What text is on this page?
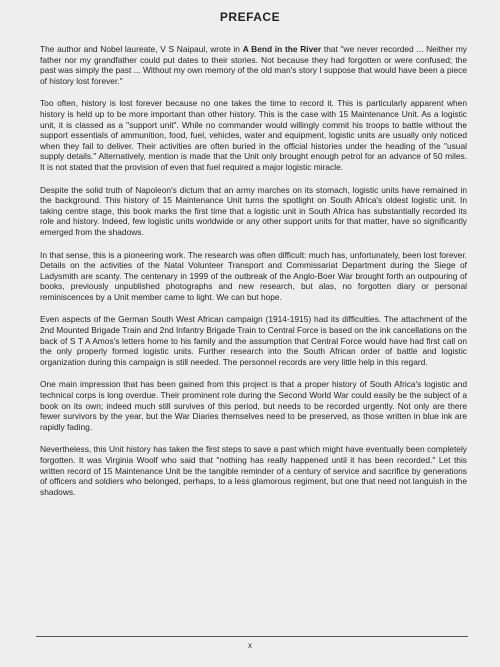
PREFACE

The author and Nobel laureate, V S Naipaul, wrote in A Bend in the River that "we never recorded ... Neither my father nor my grandfather could put dates to their stories. Not because they had forgotten or were confused; the past was simply the past ... Without my own memory of the old man's story I suppose that would have been a piece of history lost forever."

Too often, history is lost forever because no one takes the time to record it. This is particularly apparent when history is held up to be more important than other history. This is the case with 15 Maintenance Unit. As a logistic unit, it is classed as a "support unit". While no commander would willingly commit his troops to battle without the support essentials of ammunition, food, fuel, vehicles, water and equipment, logistic units are usually only noticed when they fail to deliver. Their activities are often buried in the official histories under the heading of the "usual supply details." Alternatively, mention is made that the Unit only brought enough petrol for an advance of 50 miles. It is not stated that the provision of even that fuel required a major logistic miracle.

Despite the solid truth of Napoleon's dictum that an army marches on its stomach, logistic units have remained in the background. This history of 15 Maintenance Unit turns the spotlight on South Africa's oldest logistic unit. In taking centre stage, this book marks the first time that a logistic unit in South Africa has substantially recorded its role and history. Indeed, few logistic units worldwide or any other support units for that matter, have so significantly emerged from the shadows.

In that sense, this is a pioneering work. The research was often difficult: much has, unfortunately, been lost forever. Details on the activities of the Natal Volunteer Transport and Commissariat Department during the Siege of Ladysmith are scanty. The centenary in 1999 of the outbreak of the Anglo-Boer War brought forth an outpouring of books, previously unpublished photographs and new research, but alas, no forgotten diary or personal reminiscences by a Unit member came to light. We can but hope.

Even aspects of the German South West African campaign (1914-1915) had its difficulties. The attachment of the 2nd Mounted Brigade Train and 2nd Infantry Brigade Train to Central Force is based on the ink cancellations on the back of S T A Amos's letters home to his family and the assumption that Central Force would have had first call on the only properly formed logistic units. Further research into the South African order of battle and logistic organization during this campaign is still needed. The personnel records are very little help in this regard.

One main impression that has been gained from this project is that a proper history of South Africa's logistic and technical corps is long overdue. Their prominent role during the Second World War could easily be the subject of a book on its own; indeed much still survives of this period, but needs to be recorded urgently. Not only are there fewer survivors by the year, but the War Diaries themselves need to be preserved, as those written in blue ink are rapidly fading.

Nevertheless, this Unit history has taken the first steps to save a past which might have eventually been completely forgotten. It was Virginia Woolf who said that "nothing has really happened until it has been recorded." Let this written record of 15 Maintenance Unit be the tangible reminder of a century of service and sacrifice by generations of officers and soldiers who belonged, perhaps, to a less glamorous regiment, but one that need not languish in the shadows.

x
